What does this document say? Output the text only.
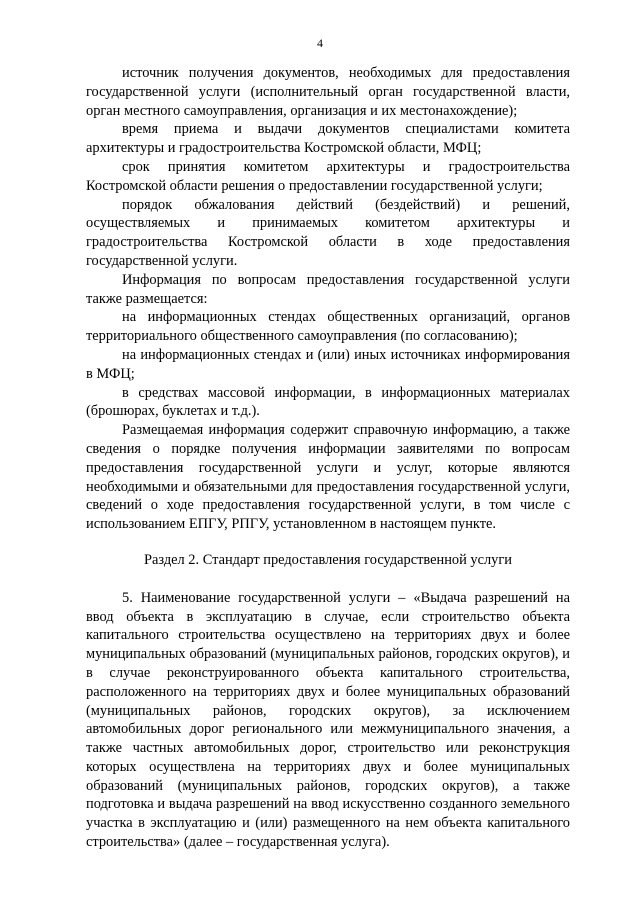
4

источник получения документов, необходимых для предоставления государственной услуги (исполнительный орган государственной власти, орган местного самоуправления, организация и их местонахождение);

время приема и выдачи документов специалистами комитета архитектуры и градостроительства Костромской области, МФЦ;

срок принятия комитетом архитектуры и градостроительства Костромской области решения о предоставлении государственной услуги;

порядок обжалования действий (бездействий) и решений, осуществляемых и принимаемых комитетом архитектуры и градостроительства Костромской области в ходе предоставления государственной услуги.

Информация по вопросам предоставления государственной услуги также размещается:

на информационных стендах общественных организаций, органов территориального общественного самоуправления (по согласованию);

на информационных стендах и (или) иных источниках информирования в МФЦ;

в средствах массовой информации, в информационных материалах (брошюрах, буклетах и т.д.).

Размещаемая информация содержит справочную информацию, а также сведения о порядке получения информации заявителями по вопросам предоставления государственной услуги и услуг, которые являются необходимыми и обязательными для предоставления государственной услуги, сведений о ходе предоставления государственной услуги, в том числе с использованием ЕПГУ, РПГУ, установленном в настоящем пункте.

Раздел 2. Стандарт предоставления государственной услуги

5. Наименование государственной услуги – «Выдача разрешений на ввод объекта в эксплуатацию в случае, если строительство объекта капитального строительства осуществлено на территориях двух и более муниципальных образований (муниципальных районов, городских округов), и в случае реконструированного объекта капитального строительства, расположенного на территориях двух и более муниципальных образований (муниципальных районов, городских округов), за исключением автомобильных дорог регионального или межмуниципального значения, а также частных автомобильных дорог, строительство или реконструкция которых осуществлена на территориях двух и более муниципальных образований (муниципальных районов, городских округов), а также подготовка и выдача разрешений на ввод искусственно созданного земельного участка в эксплуатацию и (или) размещенного на нем объекта капитального строительства» (далее – государственная услуга).
